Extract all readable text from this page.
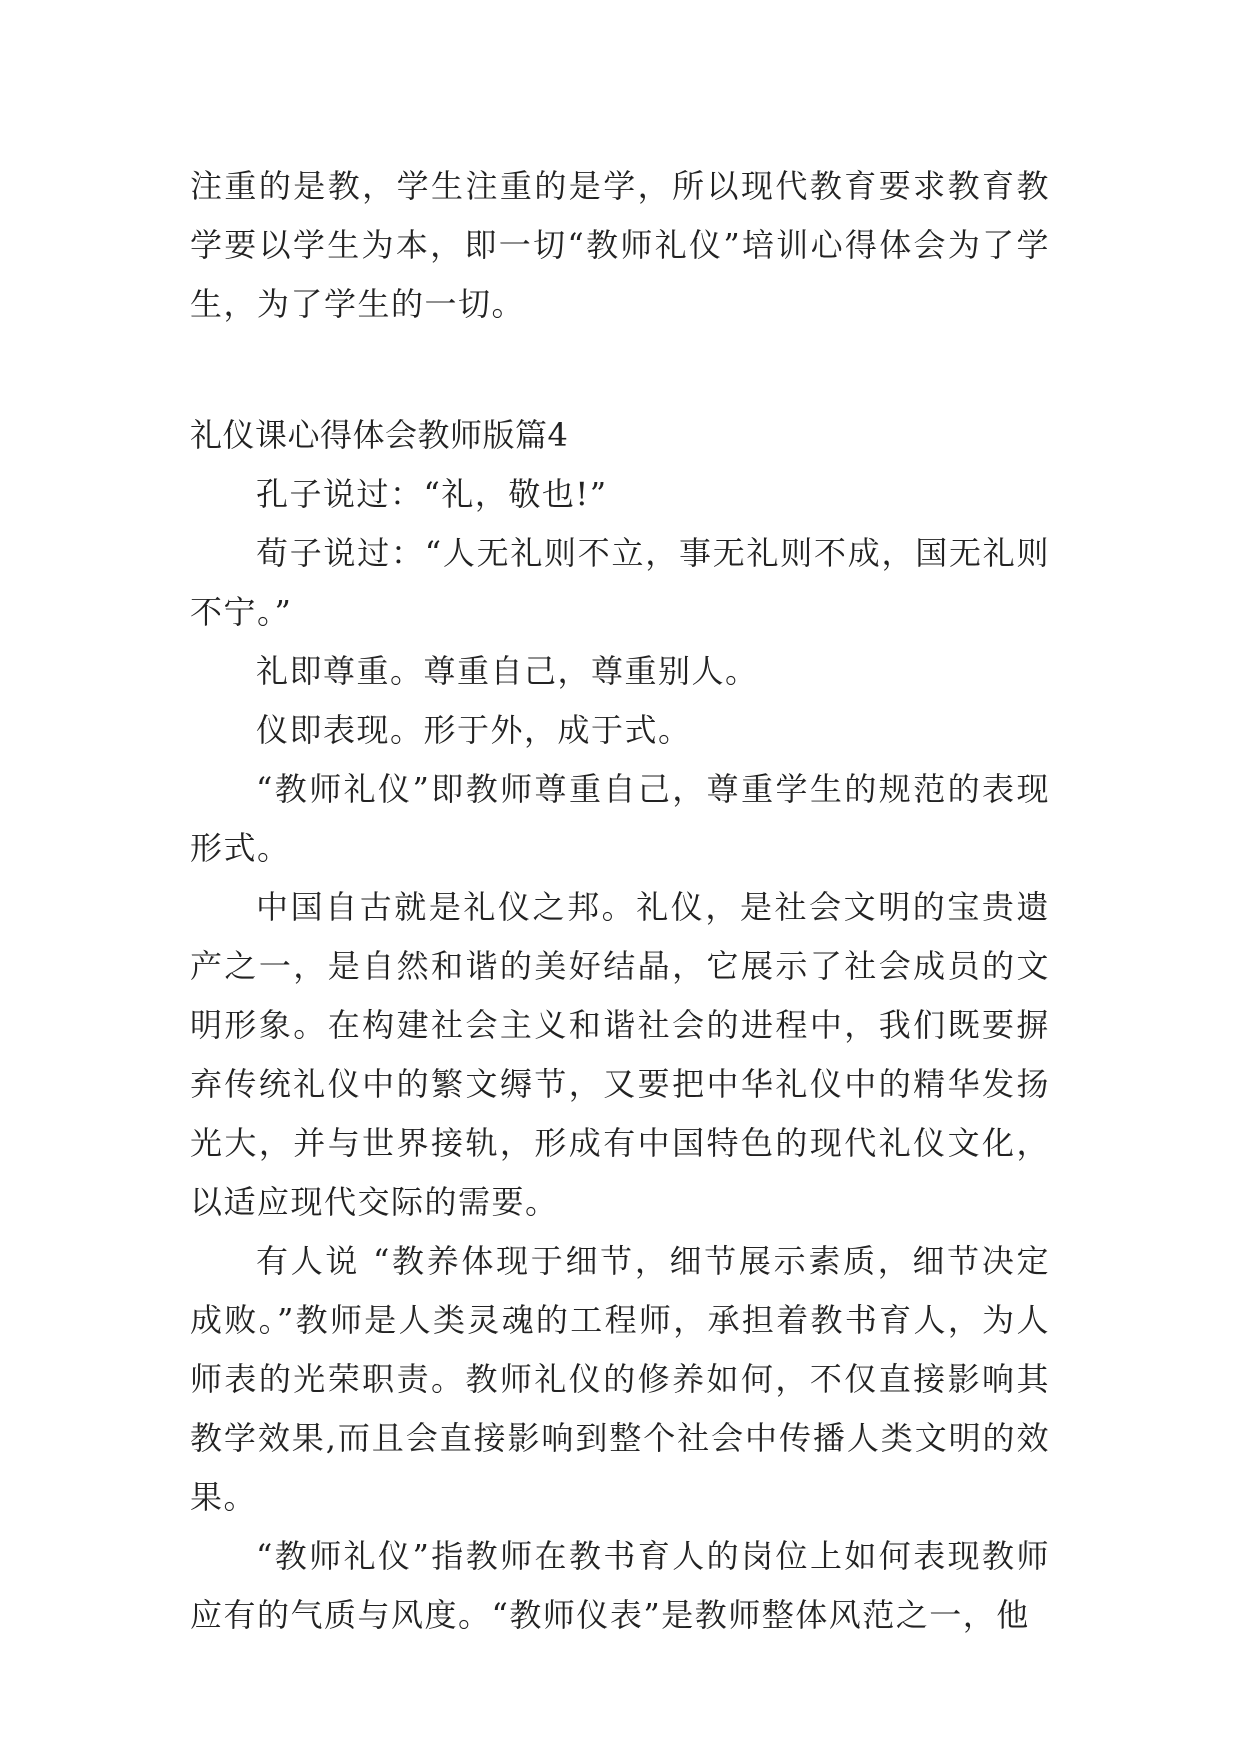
注重的是教，学生注重的是学，所以现代教育要求教育教学要以学生为本，即一切“教师礼仪”培训心得体会为了学生，为了学生的一切。

礼仪课心得体会教师版篇4

孔子说过：“礼，敬也!”

荀子说过：“人无礼则不立，事无礼则不成，国无礼则不宁。”

礼即尊重。尊重自己，尊重别人。

仪即表现。形于外，成于式。

“教师礼仪”即教师尊重自己，尊重学生的规范的表现形式。

中国自古就是礼仪之邦。礼仪，是社会文明的宝贵遗产之一，是自然和谐的美好结晶，它展示了社会成员的文明形象。在构建社会主义和谐社会的进程中，我们既要摒弃传统礼仪中的繁文缛节，又要把中华礼仪中的精华发扬光大，并与世界接轨，形成有中国特色的现代礼仪文化，以适应现代交际的需要。

有人说 “教养体现于细节，细节展示素质，细节决定成败。”教师是人类灵魂的工程师，承担着教书育人，为人师表的光荣职责。教师礼仪的修养如何，不仅直接影响其教学效果,而且会直接影响到整个社会中传播人类文明的效果。

“教师礼仪”指教师在教书育人的岗位上如何表现教师应有的气质与风度。“教师仪表”是教师整体风范之一，他
